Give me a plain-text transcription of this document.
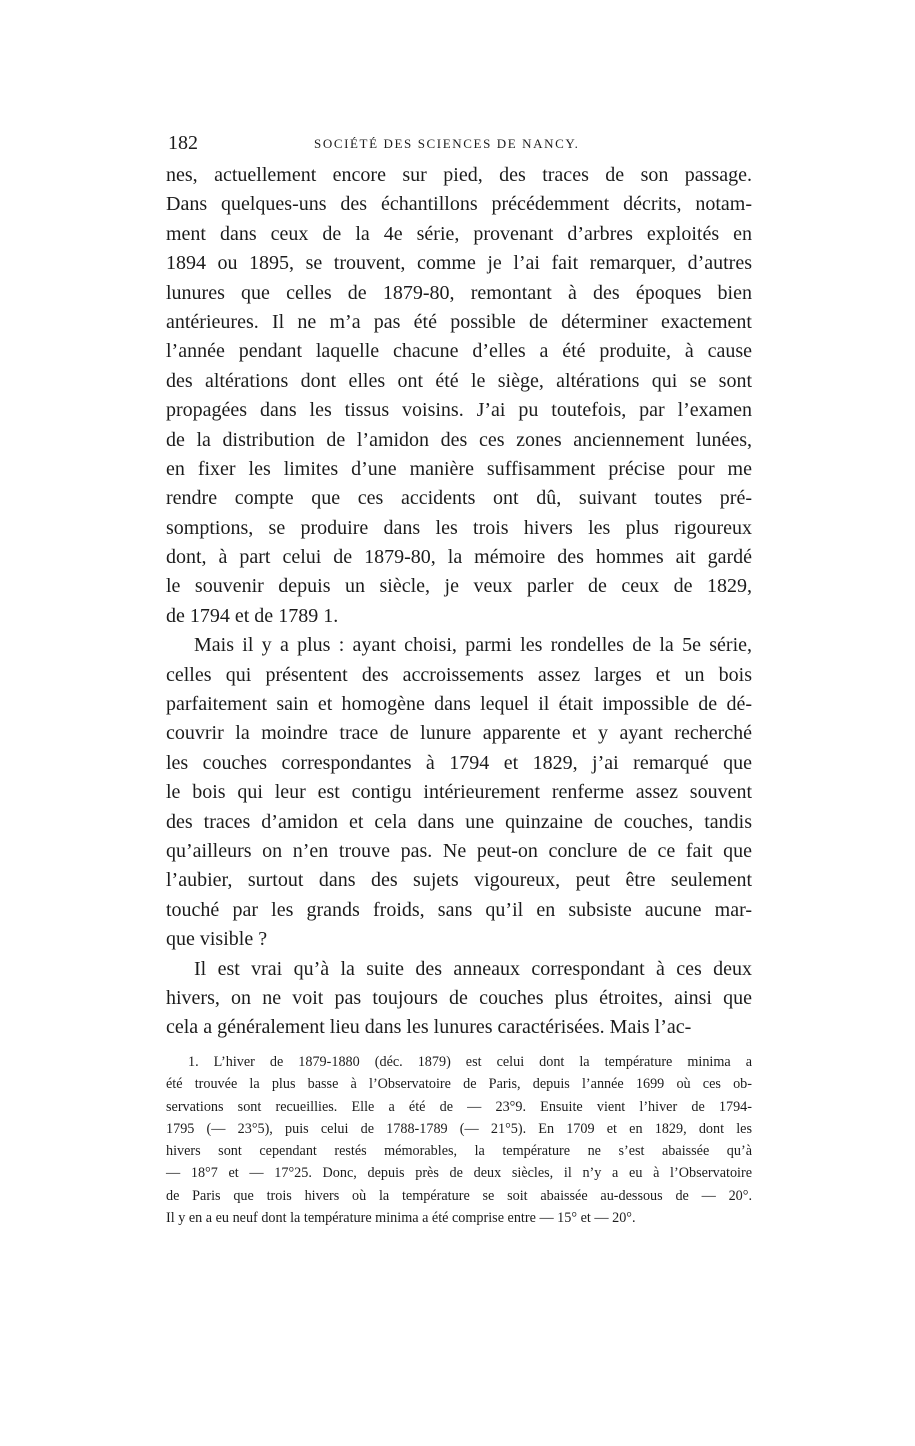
182	SOCIÉTÉ DES SCIENCES DE NANCY.
nes, actuellement encore sur pied, des traces de son passage.
Dans quelques-uns des échantillons précédemment décrits, notam-
ment dans ceux de la 4e série, provenant d’arbres exploités en
1894 ou 1895, se trouvent, comme je l’ai fait remarquer, d’autres
lunures que celles de 1879-80, remontant à des époques bien
antérieures. Il ne m’a pas été possible de déterminer exactement
l’année pendant laquelle chacune d’elles a été produite, à cause
des altérations dont elles ont été le siège, altérations qui se sont
propagées dans les tissus voisins. J’ai pu toutefois, par l’examen
de la distribution de l’amidon des ces zones anciennement lunées,
en fixer les limites d’une manière suffisamment précise pour me
rendre compte que ces accidents ont dû, suivant toutes pré-
somptions, se produire dans les trois hivers les plus rigoureux
dont, à part celui de 1879-80, la mémoire des hommes ait gardé
le souvenir depuis un siècle, je veux parler de ceux de 1829,
de 1794 et de 1789 1.
Mais il y a plus : ayant choisi, parmi les rondelles de la 5e série,
celles qui présentent des accroissements assez larges et un bois
parfaitement sain et homogène dans lequel il était impossible de dé-
couvrir la moindre trace de lunure apparente et y ayant recherché
les couches correspondantes à 1794 et 1829, j’ai remarqué que
le bois qui leur est contigu intérieurement renferme assez souvent
des traces d’amidon et cela dans une quinzaine de couches, tandis
qu’ailleurs on n’en trouve pas. Ne peut-on conclure de ce fait que
l’aubier, surtout dans des sujets vigoureux, peut être seulement
touché par les grands froids, sans qu’il en subsiste aucune mar-
que visible ?
Il est vrai qu’à la suite des anneaux correspondant à ces deux
hivers, on ne voit pas toujours de couches plus étroites, ainsi que
cela a généralement lieu dans les lunures caractérisées. Mais l’ac-
1. L’hiver de 1879-1880 (déc. 1879) est celui dont la température minima a
été trouvée la plus basse à l’Observatoire de Paris, depuis l’année 1699 où ces ob-
servations sont recueillies. Elle a été de — 23°9. Ensuite vient l’hiver de 1794-
1795 (— 23°5), puis celui de 1788-1789 (— 21°5). En 1709 et en 1829, dont les
hivers sont cependant restés mémorables, la température ne s’est abaissée qu’à
— 18°7 et — 17°25. Donc, depuis près de deux siècles, il n’y a eu à l’Observatoire
de Paris que trois hivers où la température se soit abaissée au-dessous de — 20°.
Il y en a eu neuf dont la température minima a été comprise entre — 15° et — 20°.
